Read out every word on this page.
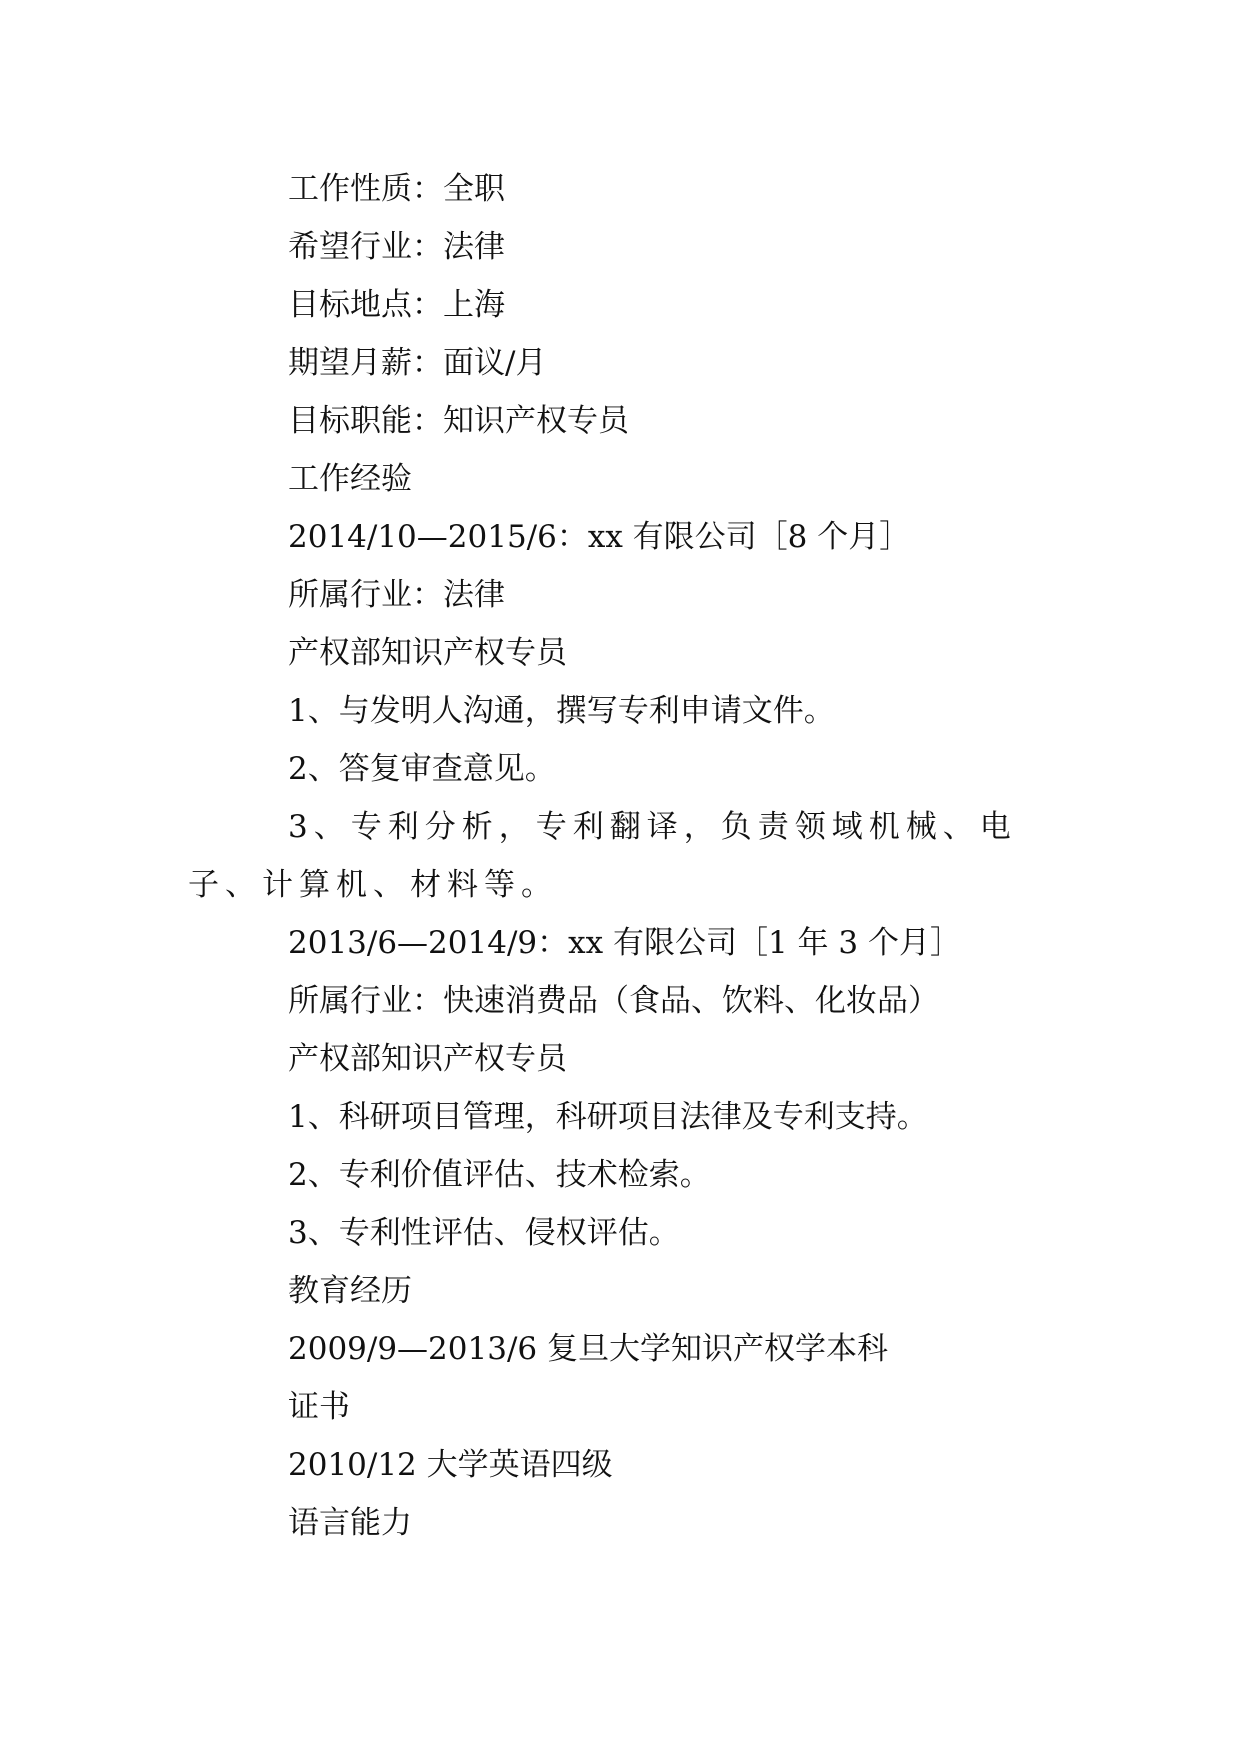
工作性质：全职

希望行业：法律

目标地点：上海

期望月薪：面议/月

目标职能：知识产权专员

工作经验

2014/10—2015/6：xx 有限公司［8 个月］

所属行业：法律

产权部知识产权专员

1、与发明人沟通，撰写专利申请文件。

2、答复审查意见。

3、专利分析，专利翻译，负责领域机械、电子、计算机、材料等。

2013/6—2014/9：xx 有限公司［1 年 3 个月］

所属行业：快速消费品（食品、饮料、化妆品）

产权部知识产权专员

1、科研项目管理，科研项目法律及专利支持。

2、专利价值评估、技术检索。

3、专利性评估、侵权评估。

教育经历

2009/9—2013/6 复旦大学知识产权学本科

证书

2010/12 大学英语四级

语言能力
